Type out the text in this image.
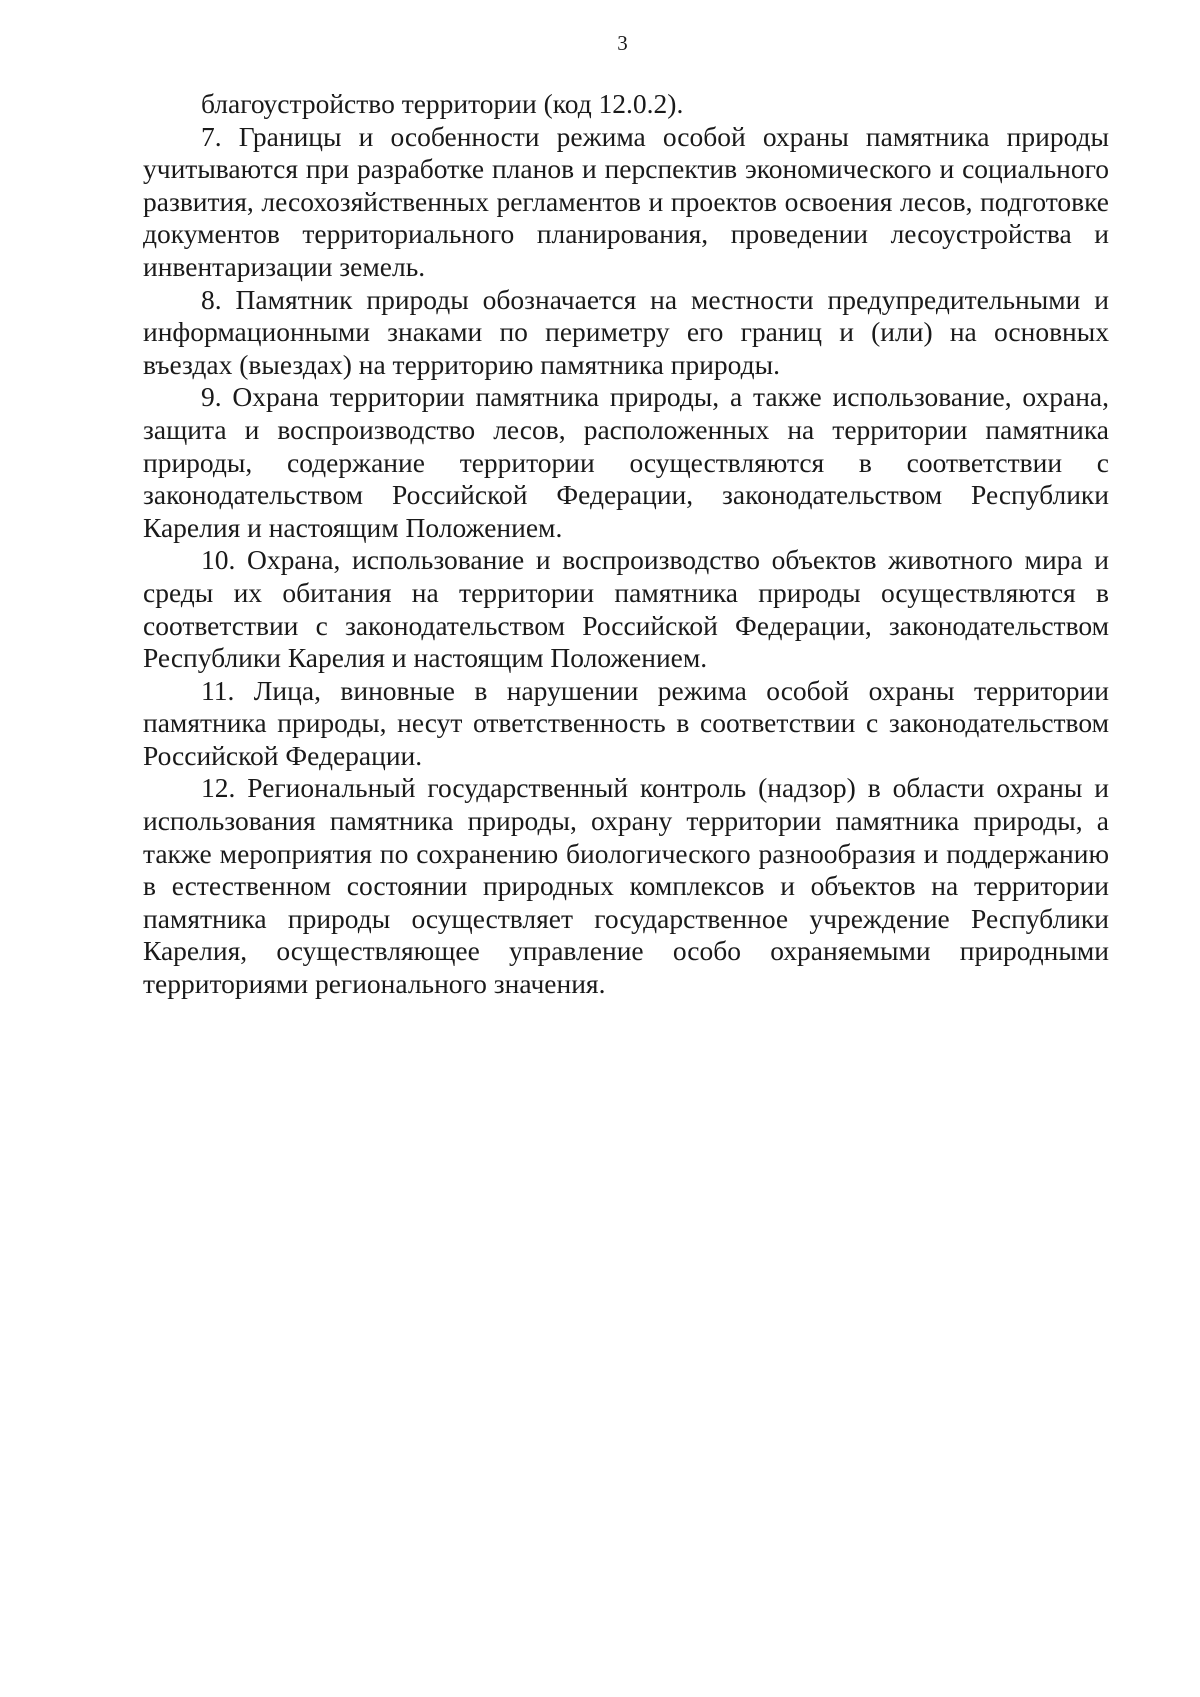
3

благоустройство территории (код 12.0.2).

7. Границы и особенности режима особой охраны памятника природы учитываются при разработке планов и перспектив экономического и социального развития, лесохозяйственных регламентов и проектов освоения лесов, подготовке документов территориального планирования, проведении лесоустройства и инвентаризации земель.

8. Памятник природы обозначается на местности предупредительными и информационными знаками по периметру его границ и (или) на основных въездах (выездах) на территорию памятника природы.

9. Охрана территории памятника природы, а также использование, охрана, защита и воспроизводство лесов, расположенных на территории памятника природы, содержание территории осуществляются в соответствии с законодательством Российской Федерации, законодательством Республики Карелия и настоящим Положением.

10. Охрана, использование и воспроизводство объектов животного мира и среды их обитания на территории памятника природы осуществляются в соответствии с законодательством Российской Федерации, законодательством Республики Карелия и настоящим Положением.

11. Лица, виновные в нарушении режима особой охраны территории памятника природы, несут ответственность в соответствии с законодательством Российской Федерации.

12. Региональный государственный контроль (надзор) в области охраны и использования памятника природы, охрану территории памятника природы, а также мероприятия по сохранению биологического разнообразия и поддержанию в естественном состоянии природных комплексов и объектов на территории памятника природы осуществляет государственное учреждение Республики Карелия, осуществляющее управление особо охраняемыми природными территориями регионального значения.
